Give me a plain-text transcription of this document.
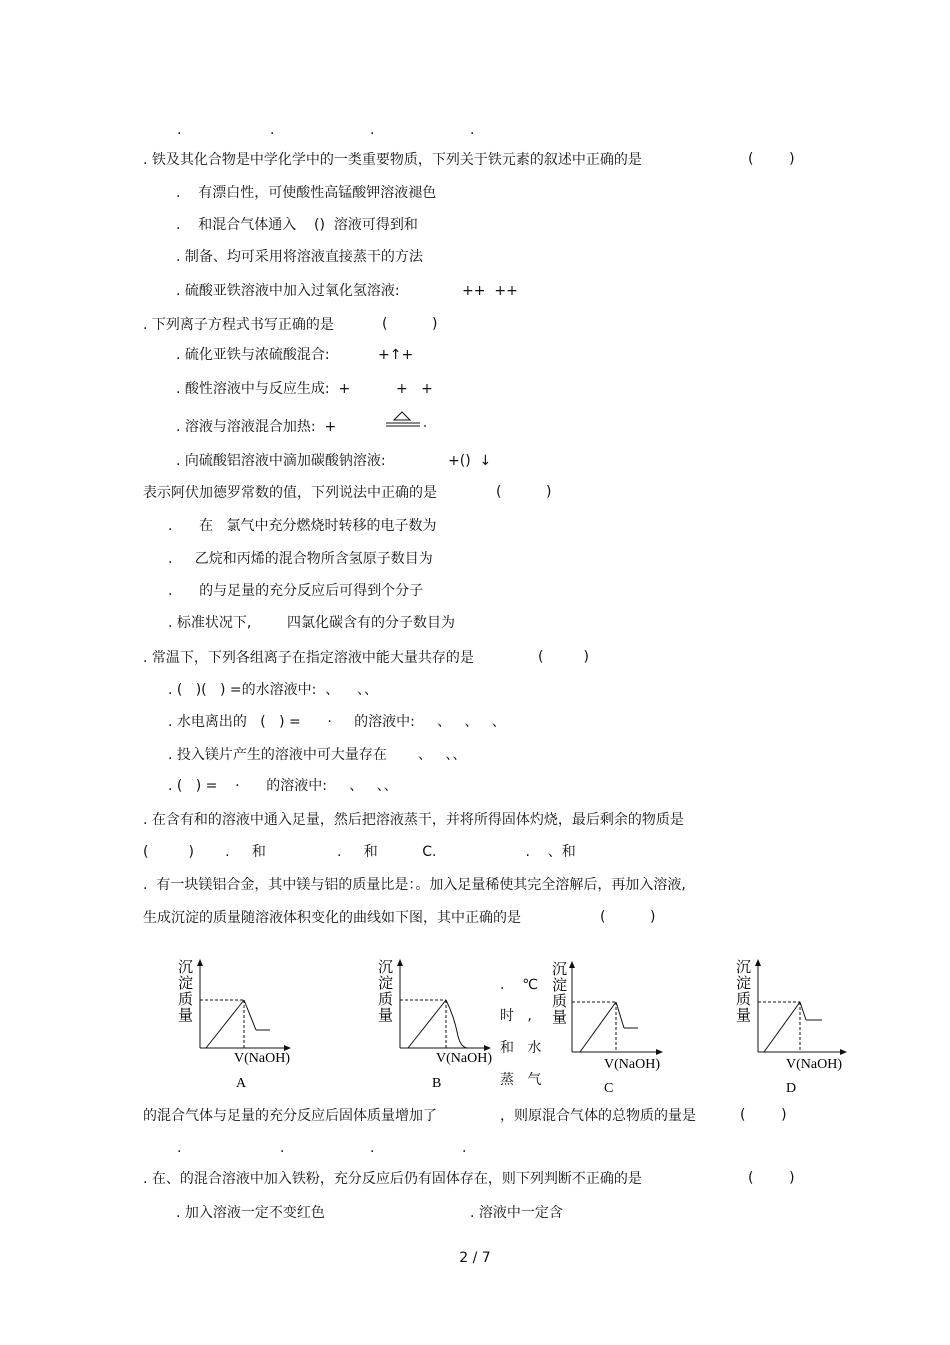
.	.	.	.
. 铁及其化合物是中学化学中的一类重要物质，下列关于铁元素的叙述中正确的是	(        )
.    有漂白性，可使酸性高锰酸钾溶液褪色
.    和混合气体通入    ()  溶液可得到和
. 制备、均可采用将溶液直接蒸干的方法
. 硫酸亚铁溶液中加入过氧化氢溶液:	++  ++
. 下列离子方程式书写正确的是	(          )
. 硫化亚铁与浓硫酸混合:	+↑+
. 酸性溶液中与反应生成:  +	+   +
. 溶液与溶液混合加热:  +
. 向硫酸铝溶液中滴加碳酸钠溶液:	+()  ↓
表示阿伏加德罗常数的值，下列说法中正确的是	(          )
.      在   氯气中充分燃烧时转移的电子数为
.     乙烷和丙烯的混合物所含氢原子数目为
.      的与足量的充分反应后可得到个分子
. 标准状况下,        四氯化碳含有的分子数目为
. 常温下，下列各组离子在指定溶液中能大量共存的是	(         )
. (   )(   ) =的水溶液中:  、    、、
. 水电离出的   (   ) =      ·     的溶液中:     、   、   、
. 投入镁片产生的溶液中可大量存在       、   、、
. (   ) =    ·      的溶液中:     、   、、
. 在含有和的溶液中通入足量，然后把溶液蒸干，并将所得固体灼烧，最后剩余的物质是
(         )       .     和                .     和          C.                    .    、和
.  有一块镁铝合金，其中镁与铝的质量比是：。加入足量稀使其完全溶解后，再加入溶液,
生成沉淀的质量随溶液体积变化的曲线如下图，其中正确的是	(          )
沉
淀
质
量
V(NaOH)
A
沉
淀
质
量
V(NaOH)
B
.    ℃
时   ,
和   水
蒸   气
沉
淀
质
量
V(NaOH)
C
沉
淀
质
量
V(NaOH)
D
的混合气体与足量的充分反应后固体质量增加了	，则原混合气体的总物质的量是	(        )
.	.	.	.
. 在、的混合溶液中加入铁粉，充分反应后仍有固体存在，则下列判断不正确的是	(        )
. 加入溶液一定不变红色	. 溶液中一定含
2 / 7
